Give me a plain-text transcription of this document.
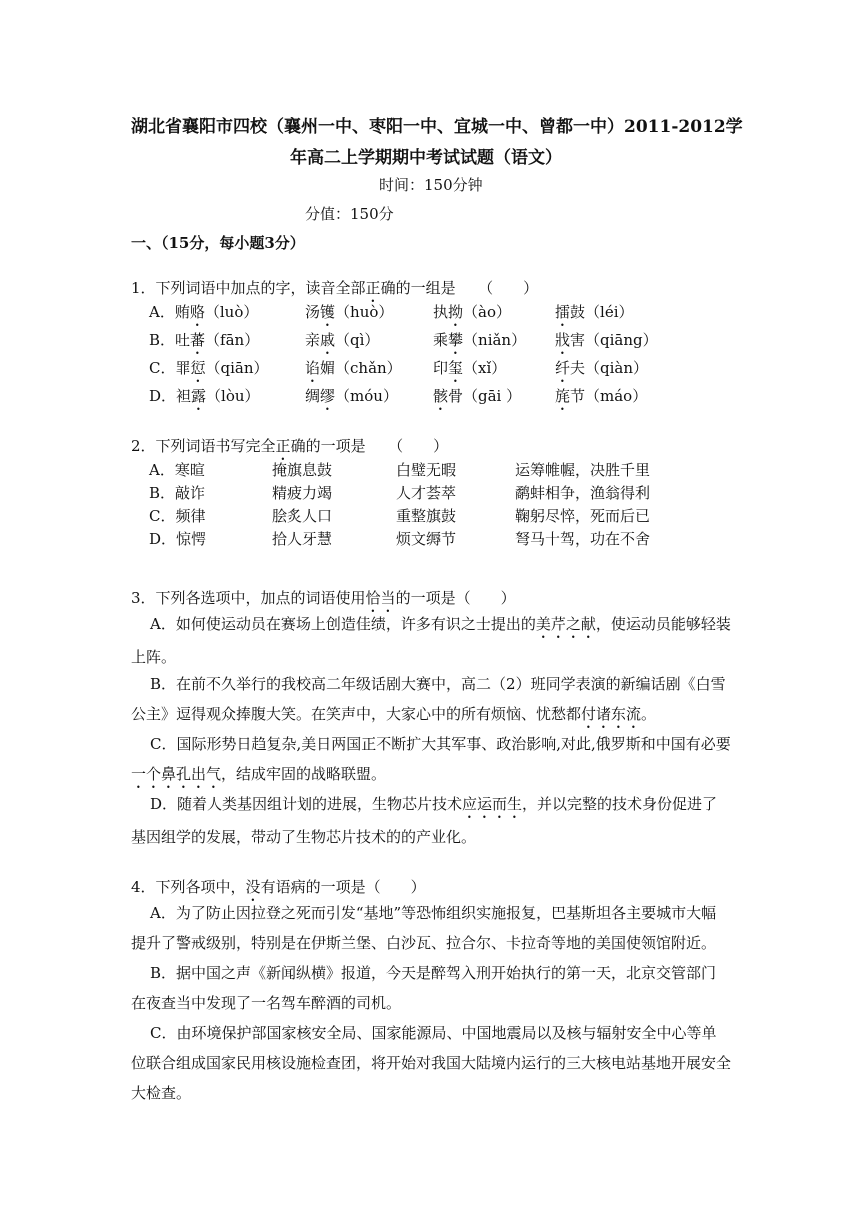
湖北省襄阳市四校（襄州一中、枣阳一中、宜城一中、曾都一中）2011-2012学
年高二上学期期中考试试题（语文）
时间：150分钟
分值：150分
一、（15分，每小题3分）
1．下列词语中加点的字，读音全部正确的一组是　　（　　）
A．贿赂（luò）	汤镬（huò）	执拗（ào）	擂鼓（léi）
B．吐蕃（fān）	亲戚（qì）	乘攀（niǎn） 戕害（qiāng）
C．罪愆（qiān） 谄媚（chǎn） 印玺（xǐ）	纤夫（qiàn）
D．袒露（lòu）	绸缪（móu） 骸骨（gāi ） 旄节（máo）
2．下列词语书写完全正确的一项是　　（　　）
A．寒暄	掩旗息鼓	白璧无暇	运筹帷幄，决胜千里
B．敲诈	精疲力竭	人才荟萃	鹬蚌相争，渔翁得利
C．频律	脍炙人口	重整旗鼓	鞠躬尽悴，死而后已
D．惊愕	拾人牙慧	烦文缛节	弩马十驾，功在不舍
3．下列各选项中，加点的词语使用恰当的一项是（　　）
A．如何使运动员在赛场上创造佳绩，许多有识之士提出的美芹之献，使运动员能够轻装上阵。
B．在前不久举行的我校高二年级话剧大赛中，高二（2）班同学表演的新编话剧《白雪公主》逗得观众捧腹大笑。在笑声中，大家心中的所有烦恼、忧愁都付诸东流。
C．国际形势日趋复杂,美日两国正不断扩大其军事、政治影响,对此,俄罗斯和中国有必要一个鼻孔出气，结成牢固的战略联盟。
D．随着人类基因组计划的进展，生物芯片技术应运而生，并以完整的技术身份促进了基因组学的发展，带动了生物芯片技术的的产业化。
4．下列各项中，没有语病的一项是（　　）
A．为了防止因拉登之死而引发“基地”等恐怖组织实施报复，巴基斯坦各主要城市大幅提升了警戒级别，特别是在伊斯兰堡、白沙瓦、拉合尔、卡拉奇等地的美国使领馆附近。
B．据中国之声《新闻纵横》报道，今天是醉驾入刑开始执行的第一天，北京交管部门在夜查当中发现了一名驾车醉酒的司机。
C．由环境保护部国家核安全局、国家能源局、中国地震局以及核与辐射安全中心等单位联合组成国家民用核设施检查团，将开始对我国大陆境内运行的三大核电站基地开展安全大检查。
